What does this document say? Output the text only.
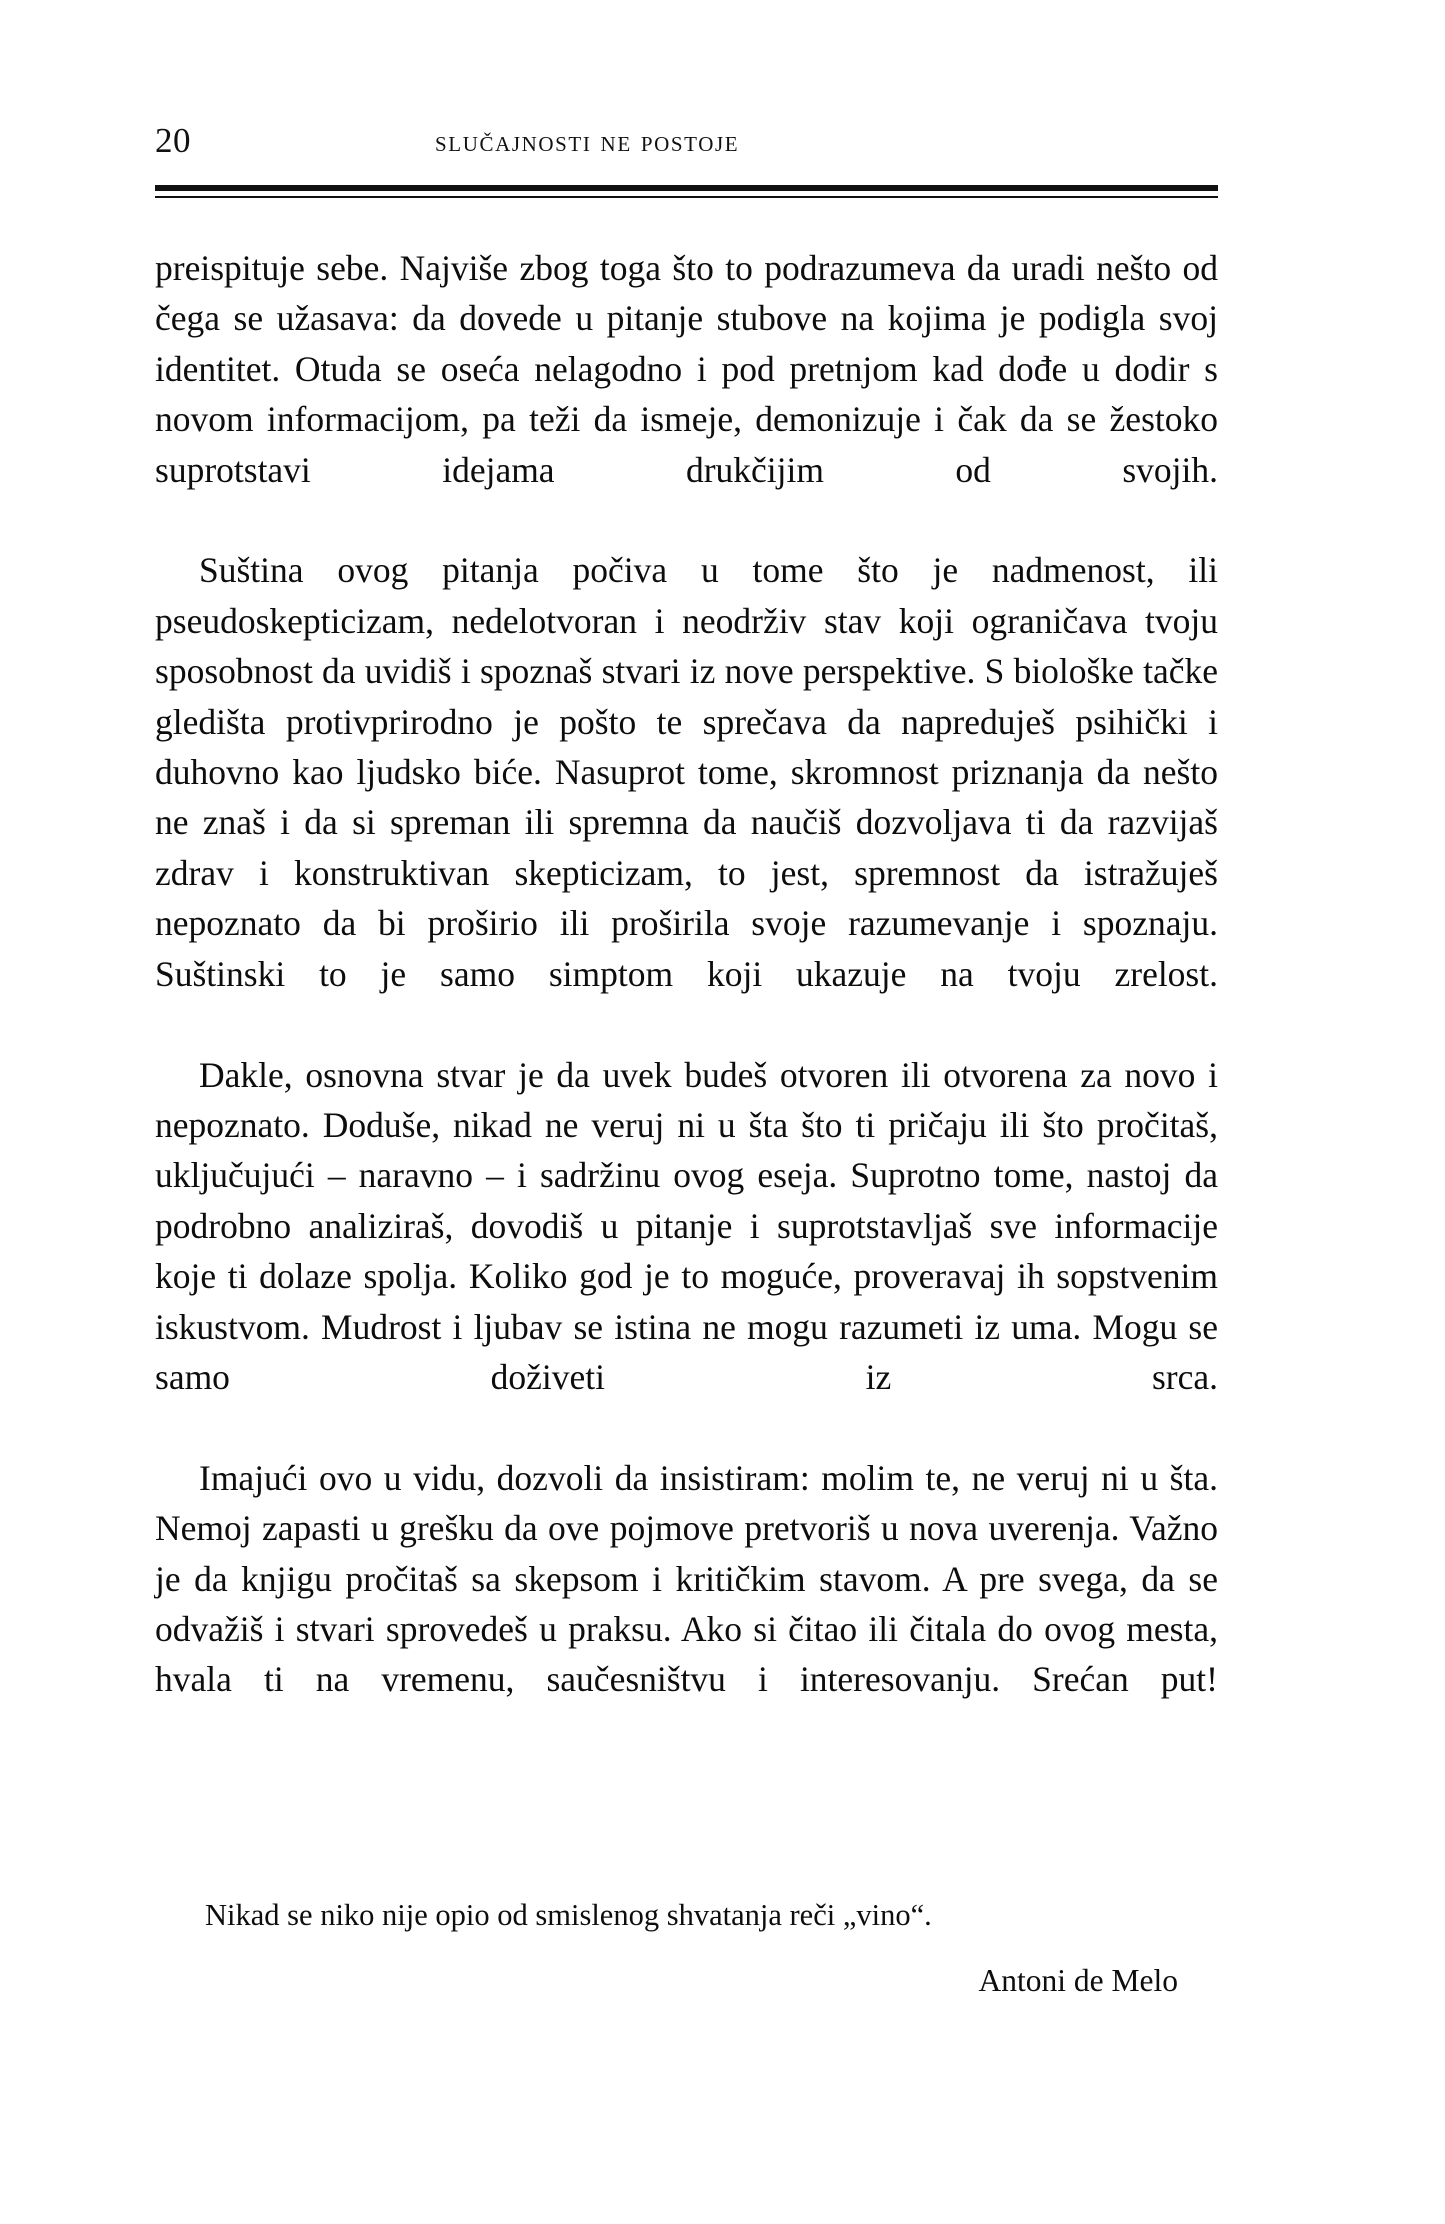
20	slučajnosti ne postoje

preispituje sebe. Najviše zbog toga što to podrazumeva da uradi nešto od čega se užasava: da dovede u pitanje stubove na kojima je podigla svoj identitet. Otuda se oseća nelagodno i pod pretnjom kad dođe u dodir s novom informacijom, pa teži da ismeje, demonizuje i čak da se žestoko suprotstavi idejama drukčijim od svojih.

Suština ovog pitanja počiva u tome što je nadmenost, ili pseudoskepticizam, nedelotvoran i neodrživ stav koji ograničava tvoju sposobnost da uvidiš i spoznaš stvari iz nove perspektive. S biološke tačke gledišta protivprirodno je pošto te sprečava da napreduješ psihički i duhovno kao ljudsko biće. Nasuprot tome, skromnost priznanja da nešto ne znaš i da si spreman ili spremna da naučiš dozvoljava ti da razvijaš zdrav i konstruktivan skepticizam, to jest, spremnost da istražuješ nepoznato da bi proširio ili proširila svoje razumevanje i spoznaju. Suštinski to je samo simptom koji ukazuje na tvoju zrelost.

Dakle, osnovna stvar je da uvek budeš otvoren ili otvorena za novo i nepoznato. Doduše, nikad ne veruj ni u šta što ti pričaju ili što pročitaš, uključujući – naravno – i sadržinu ovog eseja. Suprotno tome, nastoj da podrobno analiziraš, dovodiš u pitanje i suprotstavljaš sve informacije koje ti dolaze spolja. Koliko god je to moguće, proveravaj ih sopstvenim iskustvom. Mudrost i ljubav se istina ne mogu razumeti iz uma. Mogu se samo doživeti iz srca.

Imajući ovo u vidu, dozvoli da insistiram: molim te, ne veruj ni u šta. Nemoj zapasti u grešku da ove pojmove pretvoriš u nova uverenja. Važno je da knjigu pročitaš sa skepsom i kritičkim stavom. A pre svega, da se odvažiš i stvari sprovedeš u praksu. Ako si čitao ili čitala do ovog mesta, hvala ti na vremenu, saučesništvu i interesovanju. Srećan put!

Nikad se niko nije opio od smislenog shvatanja reči „vino“.
Antoni de Melo
